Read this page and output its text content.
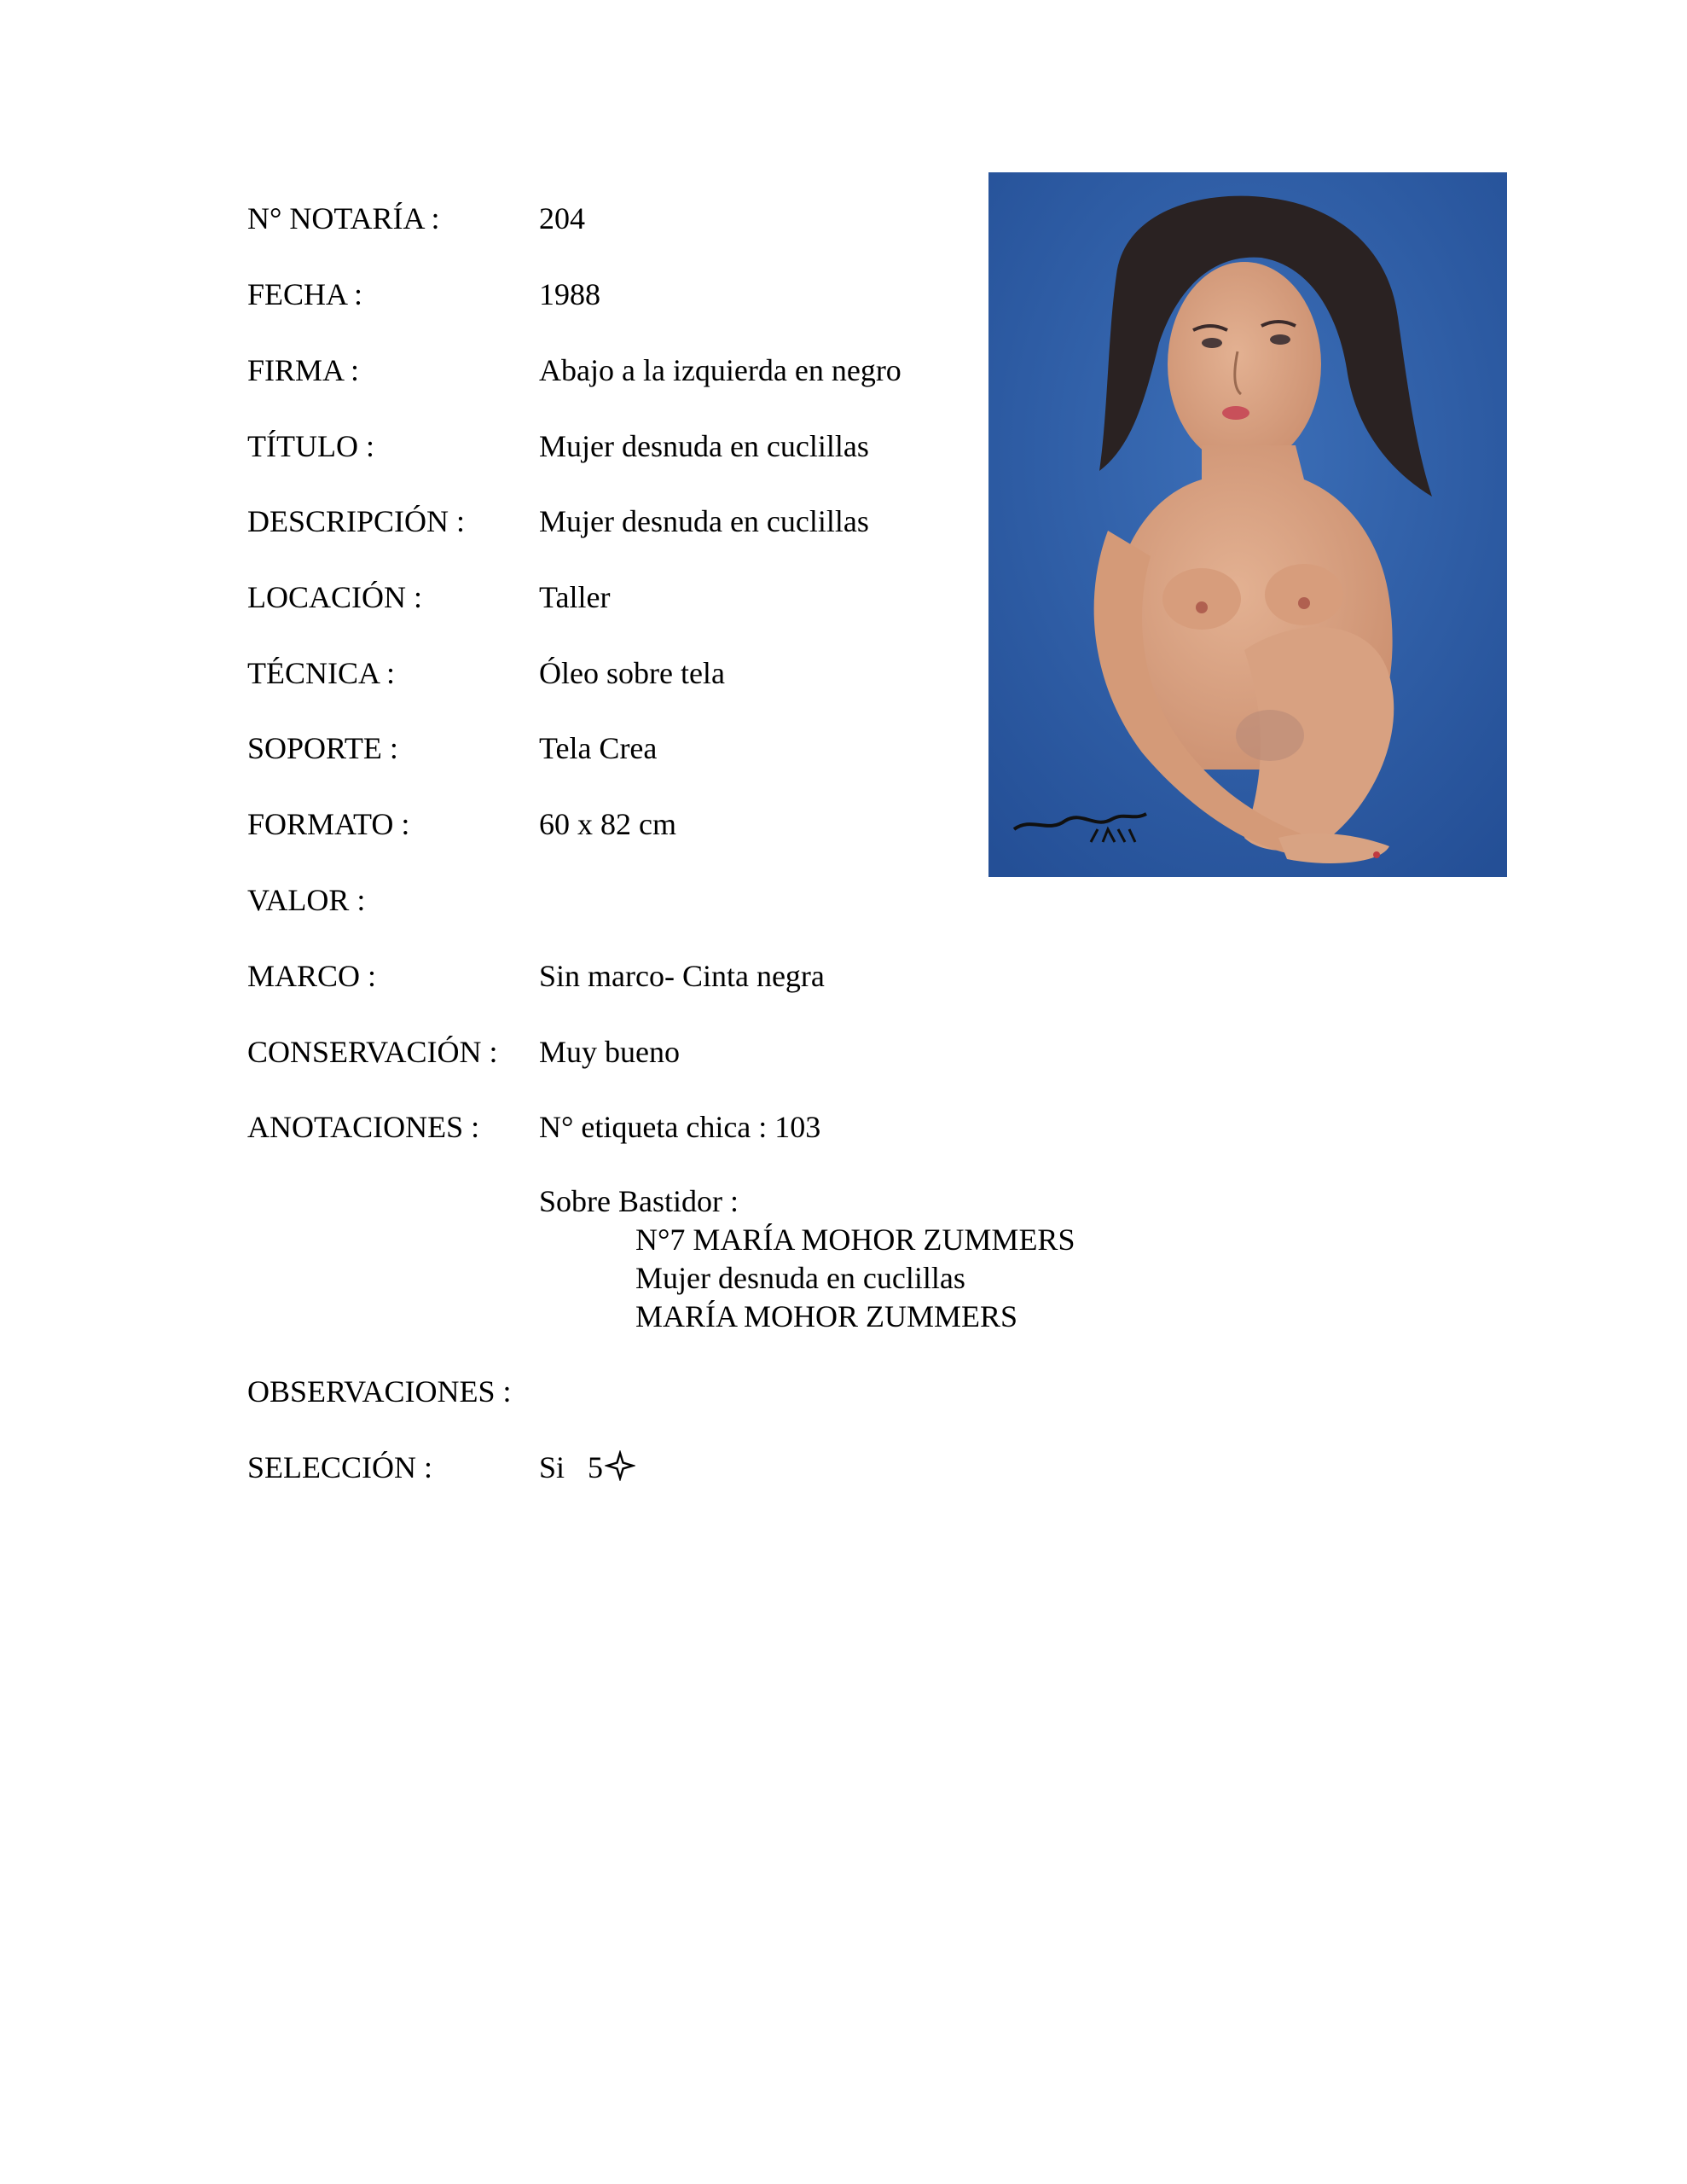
N° NOTARÍA :	204
FECHA :	1988
FIRMA :	Abajo a la izquierda en negro
TÍTULO :	Mujer desnuda en cuclillas
DESCRIPCIÓN : Mujer desnuda en cuclillas
LOCACIÓN :	Taller
TÉCNICA :	Óleo sobre tela
SOPORTE :	Tela Crea
FORMATO :	60 x 82 cm
VALOR :
MARCO :	Sin marco- Cinta negra
CONSERVACIÓN : Muy bueno
ANOTACIONES : N° etiqueta chica : 103
Sobre Bastidor :
N°7 MARÍA MOHOR ZUMMERS
Mujer desnuda en cuclillas
MARÍA MOHOR ZUMMERS
OBSERVACIONES :
SELECCIÓN :	Si   5
